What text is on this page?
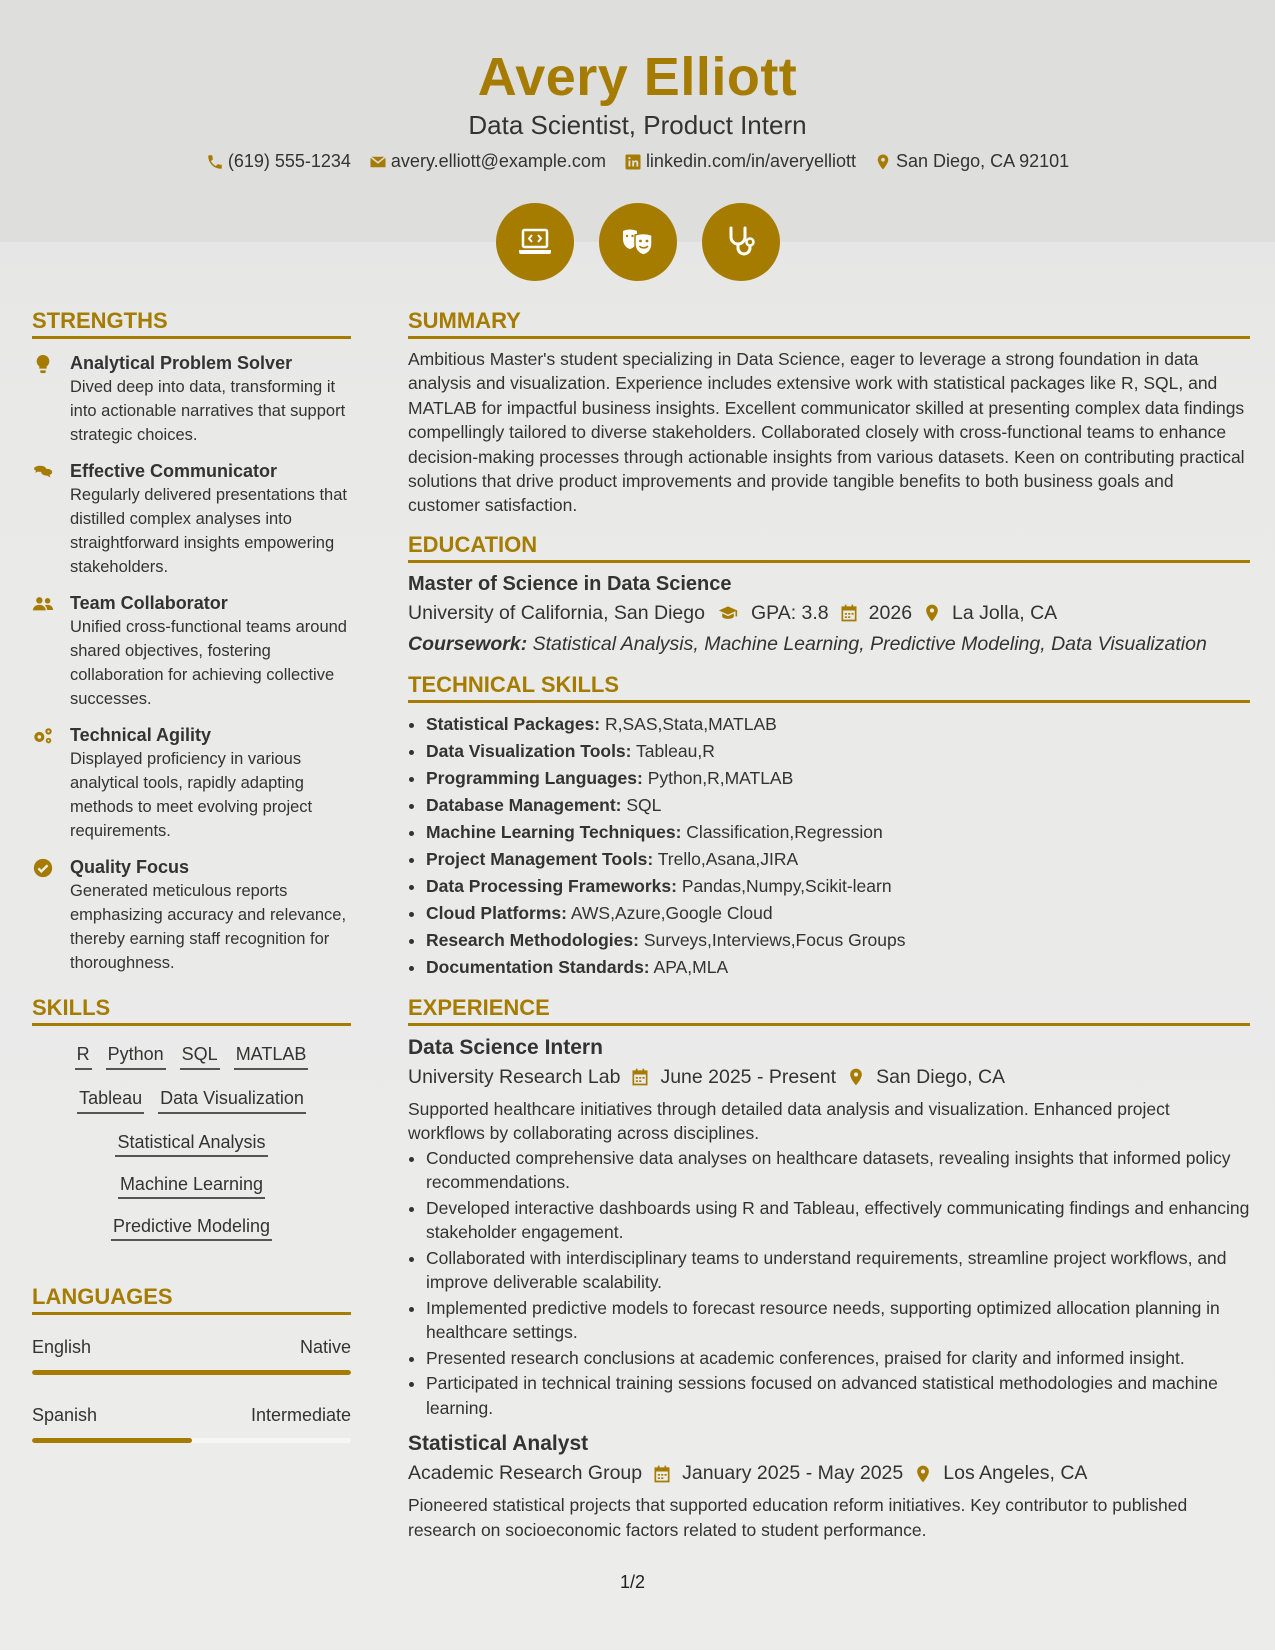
Avery Elliott
Data Scientist, Product Intern
(619) 555-1234 avery.elliott@example.com linkedin.com/in/averyelliott San Diego, CA 92101
STRENGTHS
Analytical Problem Solver
Dived deep into data, transforming it into actionable narratives that support strategic choices.
Effective Communicator
Regularly delivered presentations that distilled complex analyses into straightforward insights empowering stakeholders.
Team Collaborator
Unified cross-functional teams around shared objectives, fostering collaboration for achieving collective successes.
Technical Agility
Displayed proficiency in various analytical tools, rapidly adapting methods to meet evolving project requirements.
Quality Focus
Generated meticulous reports emphasizing accuracy and relevance, thereby earning staff recognition for thoroughness.
SKILLS
R Python SQL MATLAB
Tableau Data Visualization
Statistical Analysis
Machine Learning
Predictive Modeling
LANGUAGES
English	Native
Spanish	Intermediate
SUMMARY
Ambitious Master's student specializing in Data Science, eager to leverage a strong foundation in data analysis and visualization. Experience includes extensive work with statistical packages like R, SQL, and MATLAB for impactful business insights. Excellent communicator skilled at presenting complex data findings compellingly tailored to diverse stakeholders. Collaborated closely with cross-functional teams to enhance decision-making processes through actionable insights from various datasets. Keen on contributing practical solutions that drive product improvements and provide tangible benefits to both business goals and customer satisfaction.
EDUCATION
Master of Science in Data Science
University of California, San Diego GPA: 3.8 2026 La Jolla, CA
Coursework: Statistical Analysis, Machine Learning, Predictive Modeling, Data Visualization
TECHNICAL SKILLS
• Statistical Packages: R,SAS,Stata,MATLAB
• Data Visualization Tools: Tableau,R
• Programming Languages: Python,R,MATLAB
• Database Management: SQL
• Machine Learning Techniques: Classification,Regression
• Project Management Tools: Trello,Asana,JIRA
• Data Processing Frameworks: Pandas,Numpy,Scikit-learn
• Cloud Platforms: AWS,Azure,Google Cloud
• Research Methodologies: Surveys,Interviews,Focus Groups
• Documentation Standards: APA,MLA
EXPERIENCE
Data Science Intern
University Research Lab June 2025 - Present San Diego, CA
Supported healthcare initiatives through detailed data analysis and visualization. Enhanced project workflows by collaborating across disciplines.
• Conducted comprehensive data analyses on healthcare datasets, revealing insights that informed policy recommendations.
• Developed interactive dashboards using R and Tableau, effectively communicating findings and enhancing stakeholder engagement.
• Collaborated with interdisciplinary teams to understand requirements, streamline project workflows, and improve deliverable scalability.
• Implemented predictive models to forecast resource needs, supporting optimized allocation planning in healthcare settings.
• Presented research conclusions at academic conferences, praised for clarity and informed insight.
• Participated in technical training sessions focused on advanced statistical methodologies and machine learning.
Statistical Analyst
Academic Research Group January 2025 - May 2025 Los Angeles, CA
Pioneered statistical projects that supported education reform initiatives. Key contributor to published research on socioeconomic factors related to student performance.
1/2
